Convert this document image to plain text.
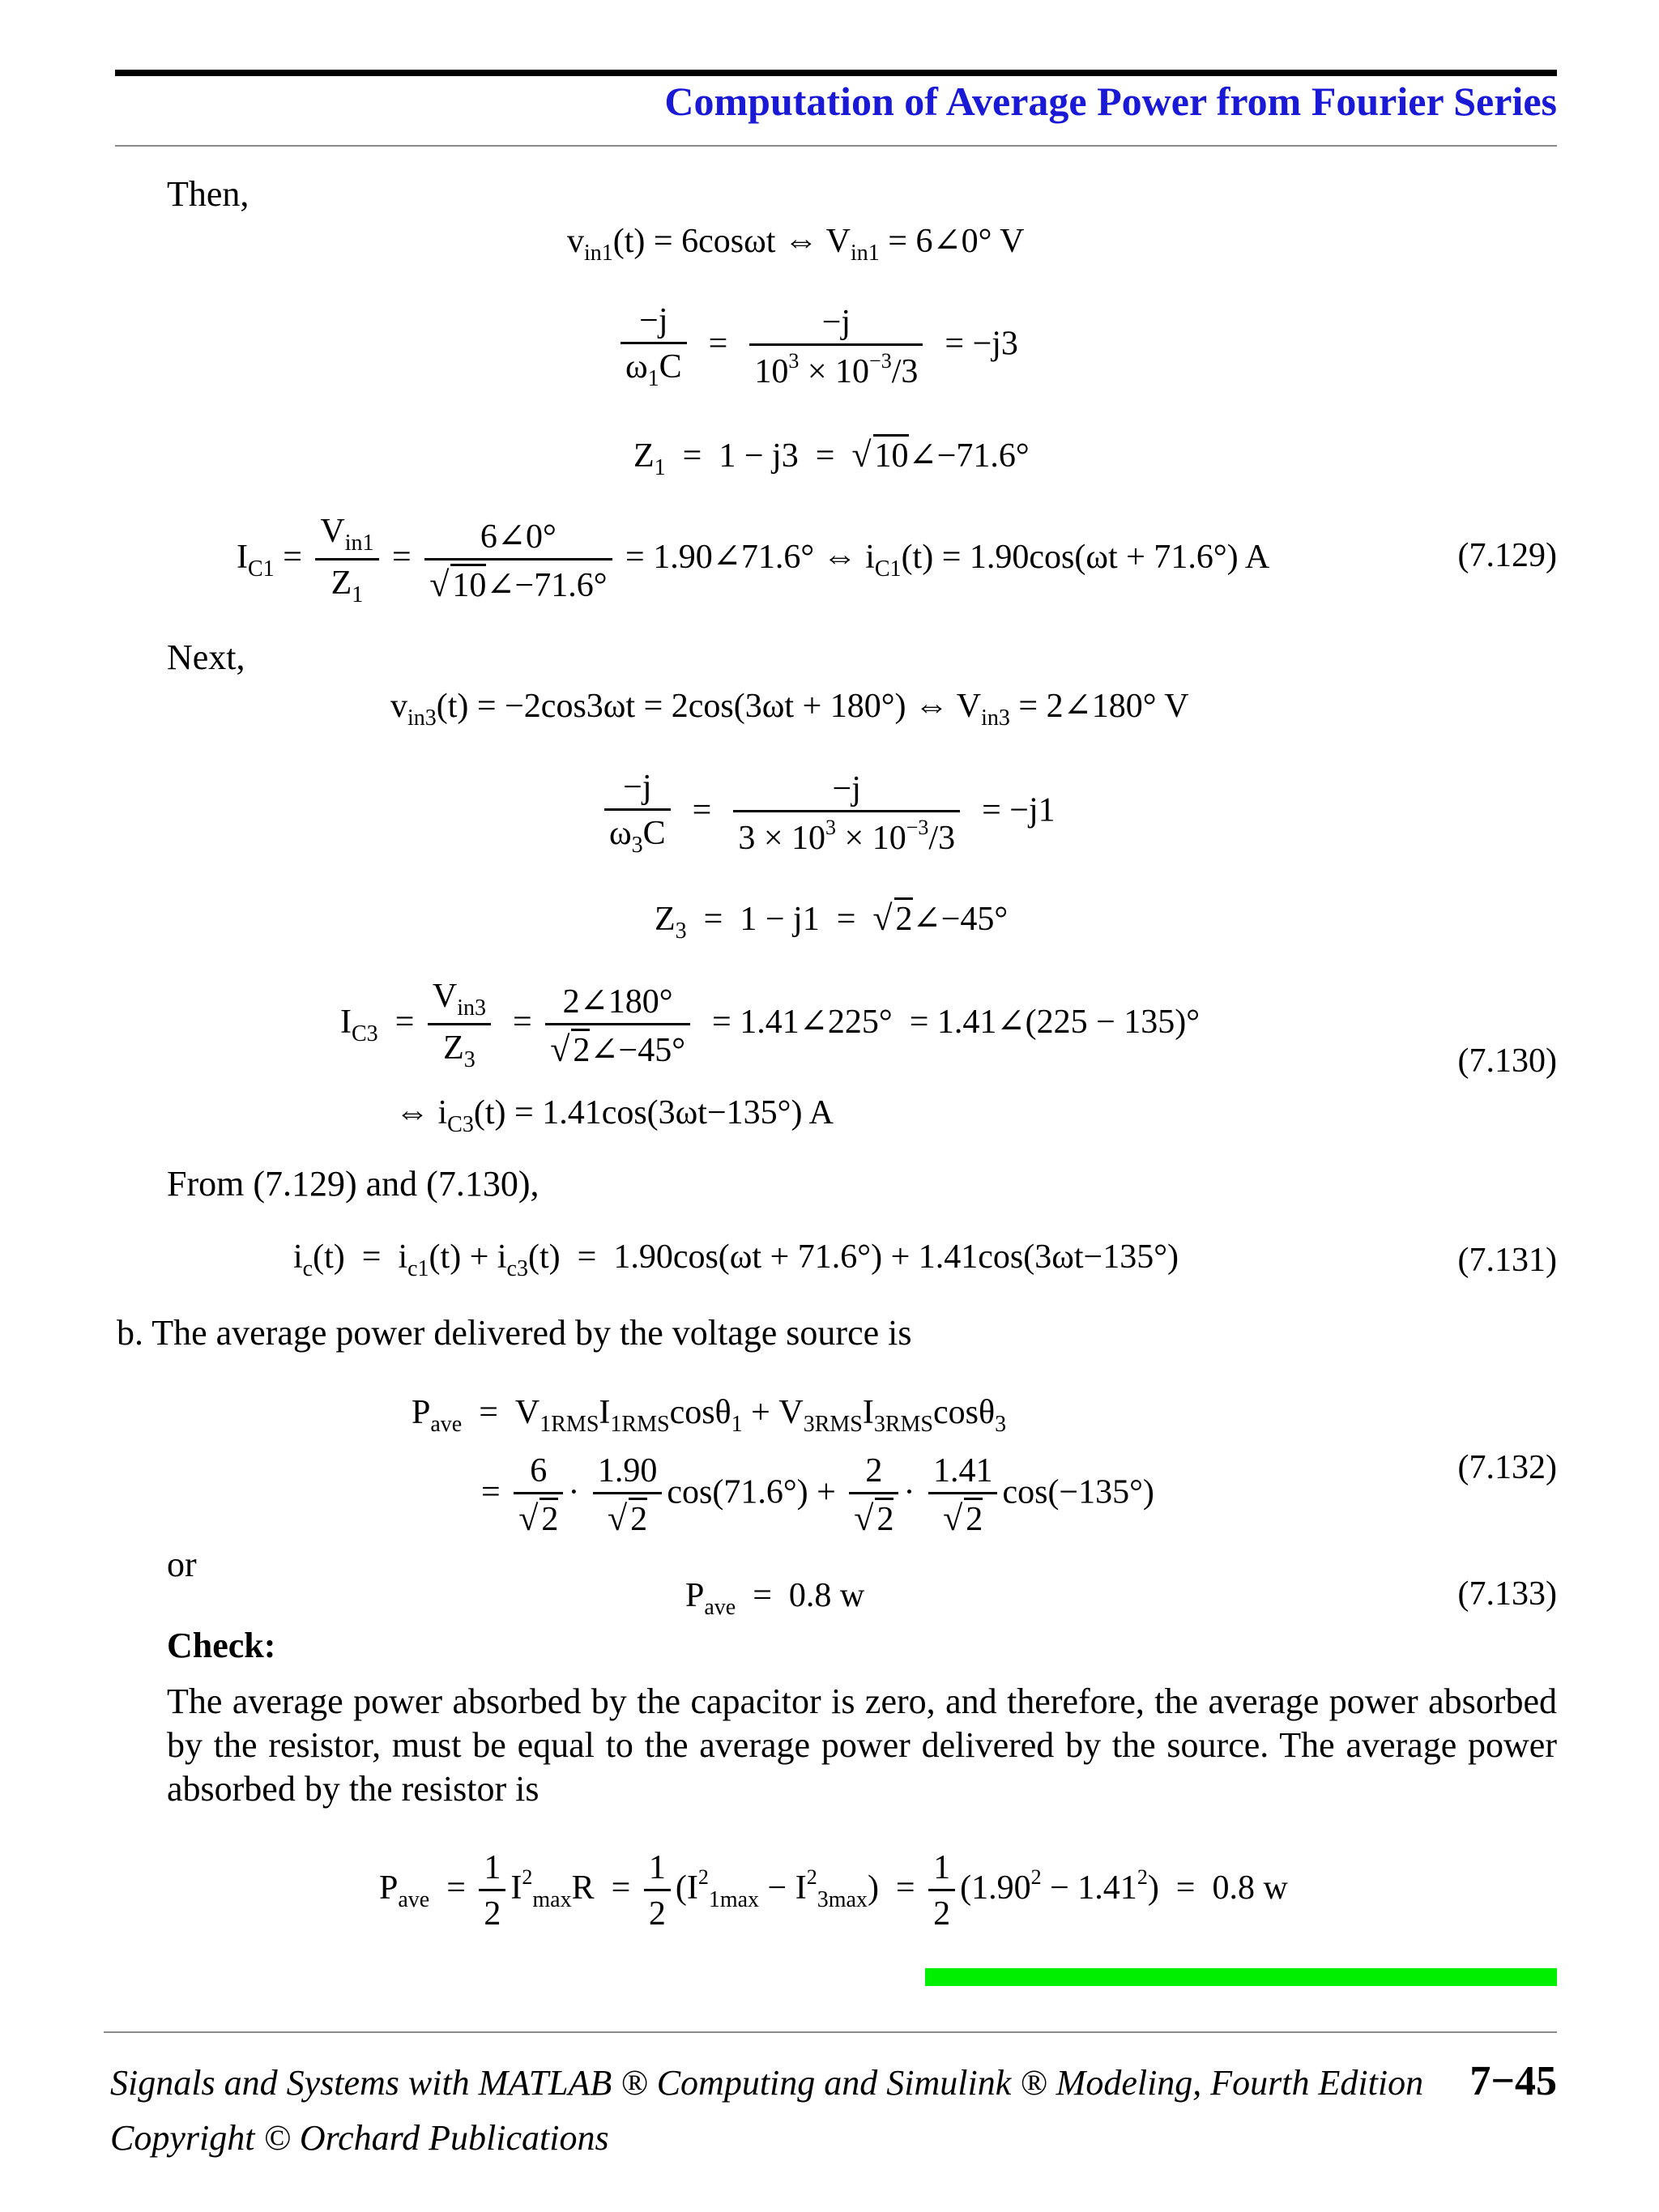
Computation of Average Power from Fourier Series
Then,
$v_{in1}(t) = 6\cos\omega t$ ⇔ $V_{in1}$ = 6∠0° V
$\frac{-j}{\omega_1C} = \frac{-j}{10^3 \times 10^{-3}/3} = -j3$
$Z_1 = 1 - j3$  =  √10∠−71.6°
$I_{C1} = \frac{V_{in1}}{Z_1} = \frac{6\angle 0^\circ}{√10\angle-71.6^\circ}$ = 1.90∠71.6° ⇔ $i_{C1}(t) = 1.90\cos(\omega t + 71.6^\circ)$ A	(7.129)
Next,
$v_{in3}(t) = -2\cos 3\omega t = 2\cos(3\omega t + 180^\circ)$ ⇔ $V_{in3}$ = 2∠180° V
$\frac{-j}{\omega_3C} = \frac{-j}{3 \times 10^3 \times 10^{-3}/3} = -j1$
$Z_3 = 1 - j1$  =  √2∠−45°
$I_{C3} = \frac{V_{in3}}{Z_3} = \frac{2\angle 180^\circ}{√2\angle-45^\circ}$ = 1.41∠225°  = 1.41∠(225 − 135)°
(7.130)
⇔ $i_{C3}(t) = 1.41\cos(3\omega t-135^\circ)$ A
From (7.129) and (7.130),
$i_c(t) = i_{c1}(t) + i_{c3}(t) = 1.90\cos(\omega t + 71.6^\circ) + 1.41\cos(3\omega t-135^\circ)$	(7.131)
b. The average power delivered by the voltage source is
$P_{ave} = V_{1RMS}I_{1RMS}\cos\theta_1 + V_{3RMS}I_{3RMS}\cos\theta_3$
= $\frac{6}{√2} \cdot \frac{1.90}{√2} \cos(71.6^\circ) + \frac{2}{√2} \cdot \frac{1.41}{√2} \cos(-135^\circ)$
(7.132)
or
$P_{ave} = 0.8$ w	(7.133)
Check:
The average power absorbed by the capacitor is zero, and therefore, the average power absorbed by the resistor, must be equal to the average power delivered by the source. The average power absorbed by the resistor is
$P_{ave} = \frac{1}{2} I^2_{max}R = \frac{1}{2} (I^2_{1max} - I^2_{3max}) = \frac{1}{2} (1.90^2 - 1.41^2) = 0.8$ w
Signals and Systems with MATLAB ® Computing and Simulink ® Modeling, Fourth Edition 7−45
Copyright © Orchard Publications
